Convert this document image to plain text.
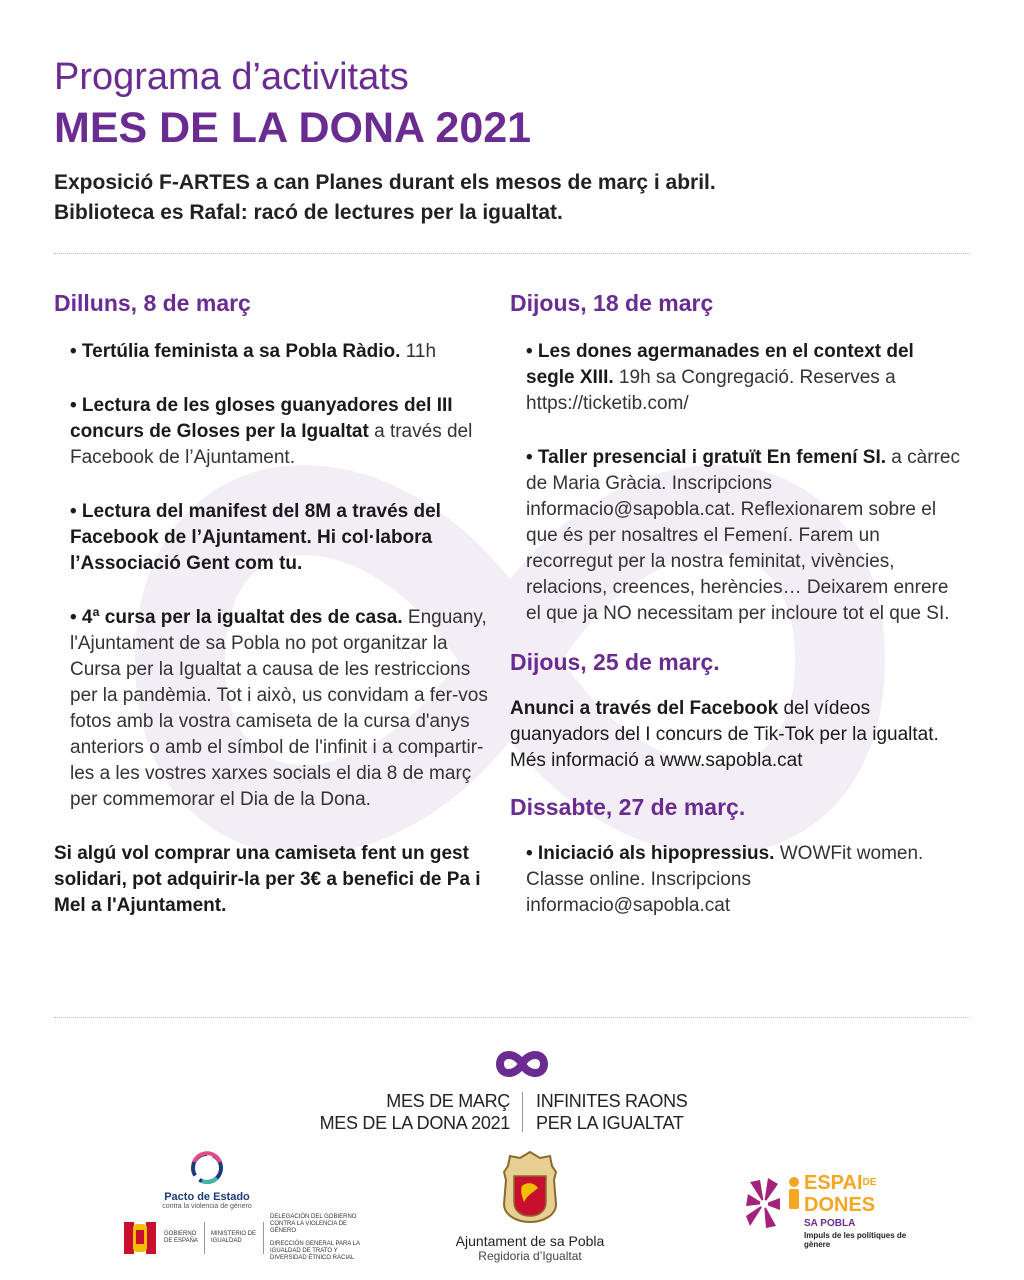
Programa d’activitats
MES DE LA DONA 2021
Exposició F-ARTES a can Planes durant els mesos de març i abril.
Biblioteca es Rafal: racó de lectures per la igualtat.
Dilluns, 8 de març

• Tertúlia feminista a sa Pobla Ràdio. 11h

• Lectura de les gloses guanyadores del III concurs de Gloses per la Igualtat a través del Facebook de l’Ajuntament.

• Lectura del manifest del 8M a través del Facebook de l’Ajuntament. Hi col·labora l’Associació Gent com tu.

• 4ª cursa per la igualtat des de casa. Enguany, l'Ajuntament de sa Pobla no pot organitzar la Cursa per la Igualtat a causa de les restriccions per la pandèmia. Tot i això, us convidam a fer-vos fotos amb la vostra camiseta de la cursa d'anys anteriors o amb el símbol de l'infinit i a compartir-les a les vostres xarxes socials el dia 8 de març per commemorar el Dia de la Dona.

Si algú vol comprar una camiseta fent un gest solidari, pot adquirir-la per 3€ a benefici de Pa i Mel a l'Ajuntament.

Dijous, 18 de març

• Les dones agermanades en el context del segle XIII. 19h sa Congregació. Reserves a https://ticketib.com/

• Taller presencial i gratuït En femení SI. a càrrec de Maria Gràcia. Inscripcions informacio@sapobla.cat. Reflexionarem sobre el que és per nosaltres el Femení. Farem un recorregut per la nostra feminitat, vivències, relacions, creences, herències… Deixarem enrere el que ja NO necessitam per incloure tot el que SI.

Dijous, 25 de març.

Anunci a través del Facebook del vídeos guanyadors del I concurs de Tik-Tok per la igualtat. Més informació a www.sapobla.cat

Dissabte, 27 de març.

• Iniciació als hipopressius. WOWFit women. Classe online. Inscripcions informacio@sapobla.cat

MES DE MARÇ
MES DE LA DONA 2021
INFINITES RAONS
PER LA IGUALTAT

Pacto de Estado

contra la violencia de género

GOBIERNO DE ESPAÑA
MINISTERIO DE IGUALDAD
DELEGACIÓN DEL GOBIERNO CONTRA LA VIOLENCIA DE GÉNERO
DIRECCIÓN GENERAL PARA LA IGUALDAD DE TRATO Y DIVERSIDAD ÉTNICO RACIAL

Ajuntament de sa Pobla

Regidoria d’Igualtat

$ESPAI^{DE}$
DONES

SA POBLA

Impuls de les polítiques de gènere
